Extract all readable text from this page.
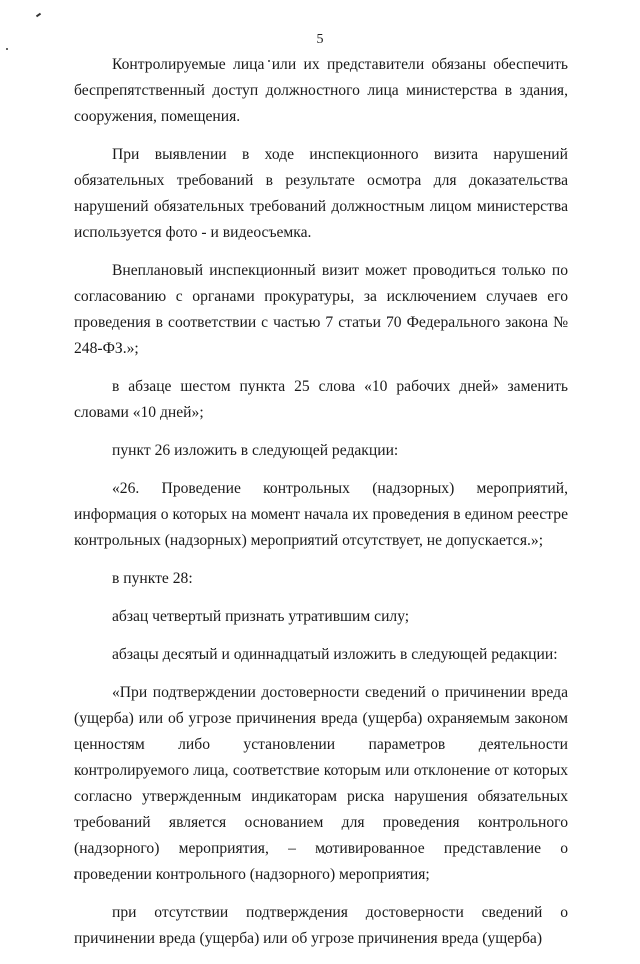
5

Контролируемые лица или их представители обязаны обеспечить беспрепятственный доступ должностного лица министерства в здания, сооружения, помещения.

При выявлении в ходе инспекционного визита нарушений обязательных требований в результате осмотра для доказательства нарушений обязательных требований должностным лицом министерства используется фото - и видеосъемка.

Внеплановый инспекционный визит может проводиться только по согласованию с органами прокуратуры, за исключением случаев его проведения в соответствии с частью 7 статьи 70 Федерального закона № 248-ФЗ.»;

в абзаце шестом пункта 25 слова «10 рабочих дней» заменить словами «10 дней»;

пункт 26 изложить в следующей редакции:

«26. Проведение контрольных (надзорных) мероприятий, информация о которых на момент начала их проведения в едином реестре контрольных (надзорных) мероприятий отсутствует, не допускается.»;

в пункте 28:

абзац четвертый признать утратившим силу;

абзацы десятый и одиннадцатый изложить в следующей редакции:

«При подтверждении достоверности сведений о причинении вреда (ущерба) или об угрозе причинения вреда (ущерба) охраняемым законом ценностям либо установлении параметров деятельности контролируемого лица, соответствие которым или отклонение от которых согласно утвержденным индикаторам риска нарушения обязательных требований является основанием для проведения контрольного (надзорного) мероприятия, – мотивированное представление о проведении контрольного (надзорного) мероприятия;

при отсутствии подтверждения достоверности сведений о причинении вреда (ущерба) или об угрозе причинения вреда (ущерба)
